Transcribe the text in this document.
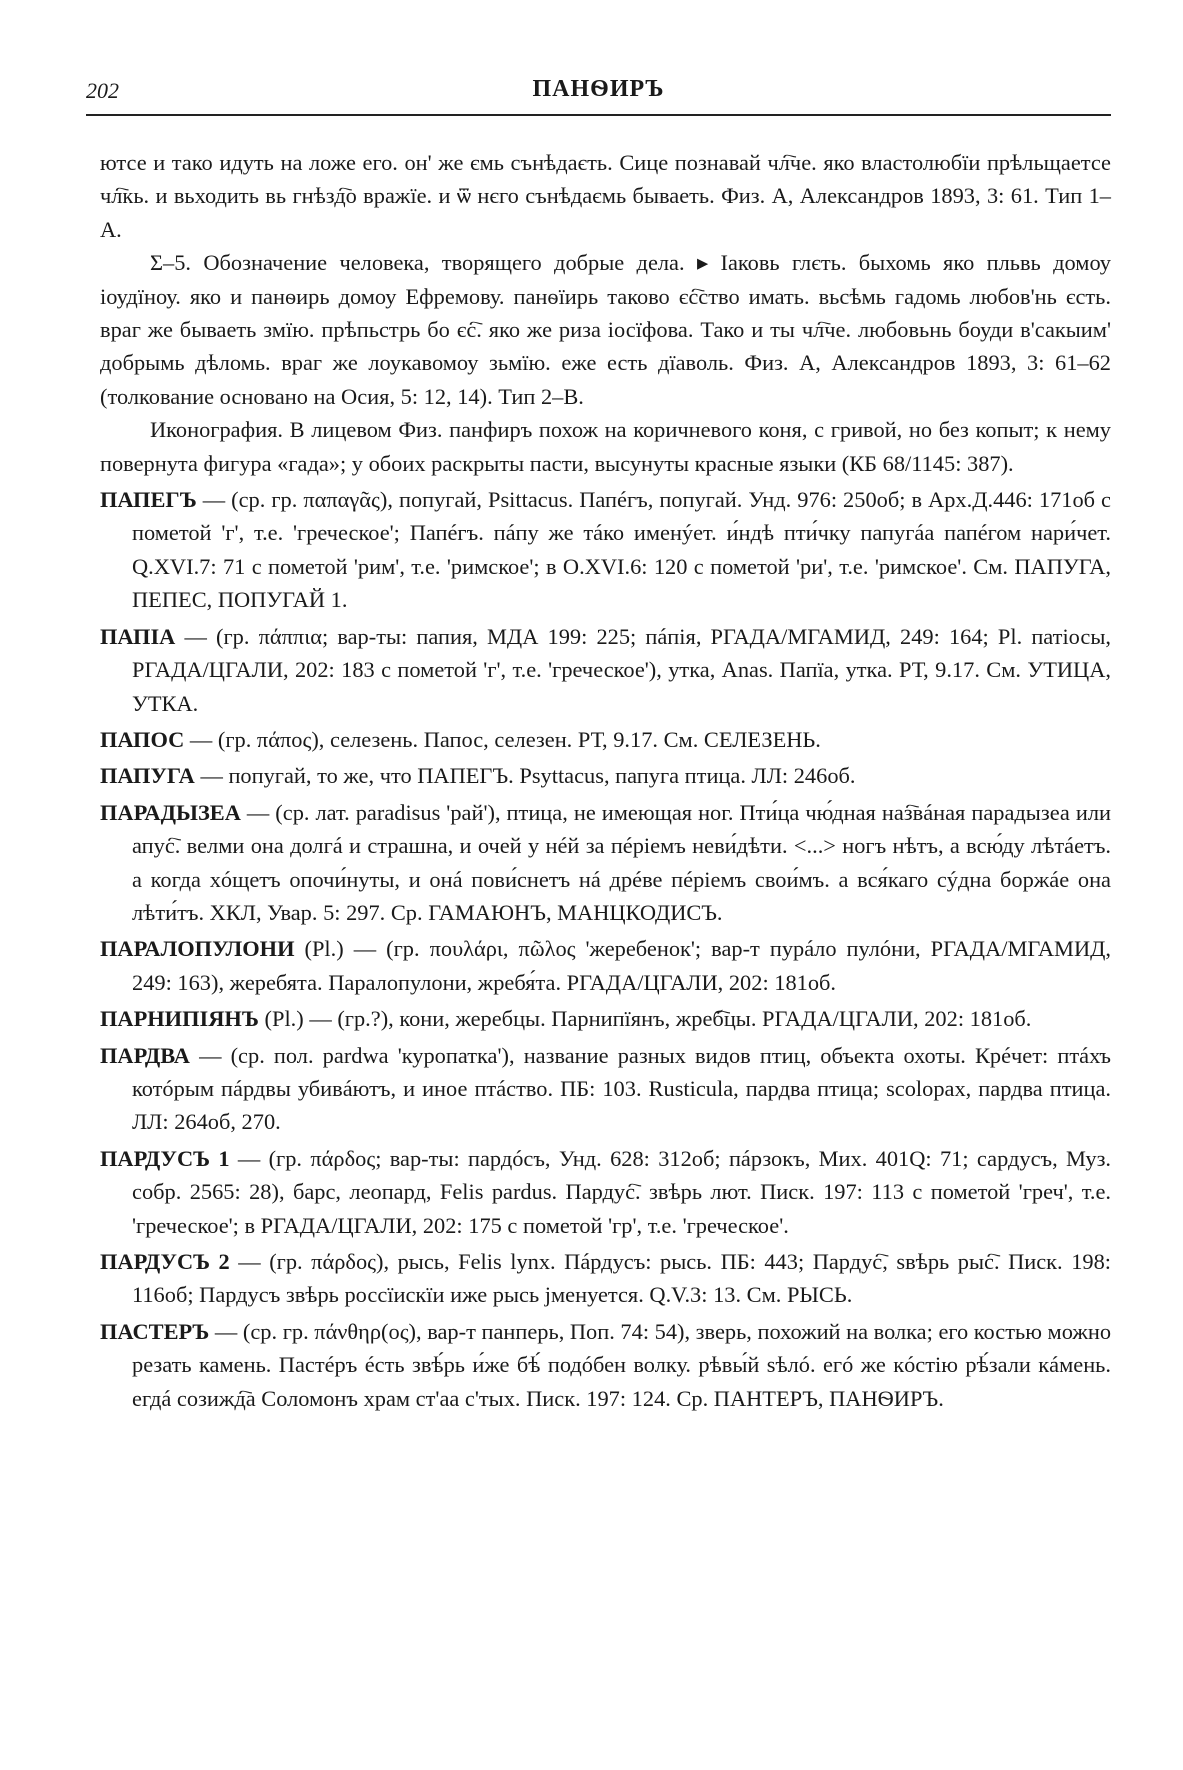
202	ПАНѲИРЪ

ютсе и тако идуть на ложе его. он' же ємь сънѣдаєть. Сице познавай чл҇че. яко властолюбїи прѣльщаетсе чл҇кь. и вьходить вь гнѣзд҇о вражїе. и ѿ нєго сънѣдаємь бываеть. Физ. А, Александров 1893, 3: 61. Тип 1–А.

Σ–5. Обозначение человека, творящего добрые дела. ▸ Іаковь глєть. быхомь яко пльвь домоу іоудїноу. яко и панѳирь домоу Ефремову. панѳїирь таково єс҇ство имать. вьсѣмь гадомь любов'нь єсть. враг же бываеть змїю. прѣпьстрь бо єс҇. яко же риза іосїфова. Тако и ты чл҇че. любовьнь боуди в'сакыим' добрымь дѣломь. враг же лоукавомоу зьмїю. еже есть дїаволь. Физ. А, Александров 1893, 3: 61–62 (толкование основано на Осия, 5: 12, 14). Тип 2–В.

Иконография. В лицевом Физ. панфиръ похож на коричневого коня, с гривой, но без копыт; к нему повернута фигура «гада»; у обоих раскрыты пасти, высунуты красные языки (КБ 68/1145: 387).

ПАПЕГЪ — (ср. гр. παπαγᾶς), попугай, Psittacus. Папéгъ, попугай. Унд. 976: 250об; в Арх.Д.446: 171об с пометой 'г', т.е. 'греческое'; Папéгъ. пáпу же тáко именýет. и́ндѣ пти́чку папугáа папéгом нари́чет. Q.XVI.7: 71 с пометой 'рим', т.е. 'римское'; в O.XVI.6: 120 с пометой 'ри', т.е. 'римское'. См. ПАПУГА, ПЕПЕС, ПОПУГАЙ 1.

ПАПІА — (гр. πάππια; вар-ты: папия, МДА 199: 225; пáпія, РГАДА/МГАМИД, 249: 164; Pl. патіосы, РГАДА/ЦГАЛИ, 202: 183 с пометой 'г', т.е. 'греческое'), утка, Anas. Папїа, утка. РТ, 9.17. См. УТИЦА, УТКА.

ПАПОС — (гр. πάπος), селезень. Папос, селезен. РТ, 9.17. См. СЕЛЕЗЕНЬ.

ПАПУГА — попугай, то же, что ПАПЕГЪ. Psyttacus, папуга птица. ЛЛ: 246об.

ПАРАДЫЗЕА — (ср. лат. paradisus 'рай'), птица, не имеющая ног. Пти́ца чю́дная наз҇вáная парадызеа или апус҇. велми она долгá и страшна, и очей у нéй за пéріемъ неви́дѣти. <...> ногъ нѣтъ, а всю́ду лѣтáетъ. а когда хóщетъ опочи́нуты, и онá пови́снетъ нá дрéве пéріемъ свои́мъ. а вся́каго сýдна боржáе она лѣти́тъ. ХКЛ, Увар. 5: 297. Ср. ГАМАЮНЪ, МАНЦКОДИСЪ.

ПАРАЛОПУЛОНИ (Pl.) — (гр. πουλάρι, πῶλος 'жеребенок'; вар-т пурáло пулóни, РГАДА/МГАМИД, 249: 163), жеребята. Паралопулони, жребя́та. РГАДА/ЦГАЛИ, 202: 181об.

ПАРНИПІЯНЪ (Pl.) — (гр.?), кони, жеребцы. Парнипїянъ, жреб҇цы. РГАДА/ЦГАЛИ, 202: 181об.

ПАРДВА — (ср. пол. pardwa 'куропатка'), название разных видов птиц, объекта охоты. Крéчет: птáхъ котóрым пáрдвы убивáютъ, и иное птáство. ПБ: 103. Rusticula, пардва птица; scolopax, пардва птица. ЛЛ: 264об, 270.

ПАРДУСЪ 1 — (гр. πάρδος; вар-ты: пардóсъ, Унд. 628: 312об; пáрзокъ, Мих. 401Q: 71; сардусъ, Муз. собр. 2565: 28), барс, леопард, Felis pardus. Пардус҇. звѣрь лют. Писк. 197: 113 с пометой 'греч', т.е. 'греческое'; в РГАДА/ЦГАЛИ, 202: 175 с пометой 'гр', т.е. 'греческое'.

ПАРДУСЪ 2 — (гр. πάρδος), рысь, Felis lynx. Пáрдусъ: рысь. ПБ: 443; Пардус҇, ѕвѣрь рыс҇. Писк. 198: 116об; Пардусъ звѣрь россїискїи иже рысь јменуется. Q.V.3: 13. См. РЫСЬ.

ПАСТЕРЪ — (ср. гр. πάνθηρ(ος), вар-т панперь, Поп. 74: 54), зверь, похожий на волка; его костью можно резать камень. Пастéръ éсть звѣ́рь и́же бѣ́ подóбен волку. рѣвы́й ѕѣлó. егó же кóстію рѣ́зали кáмень. егдá созижд҇а Соломонъ храм ст'аа с'тых. Писк. 197: 124. Ср. ПАНТЕРЪ, ПАНѲИРЪ.
